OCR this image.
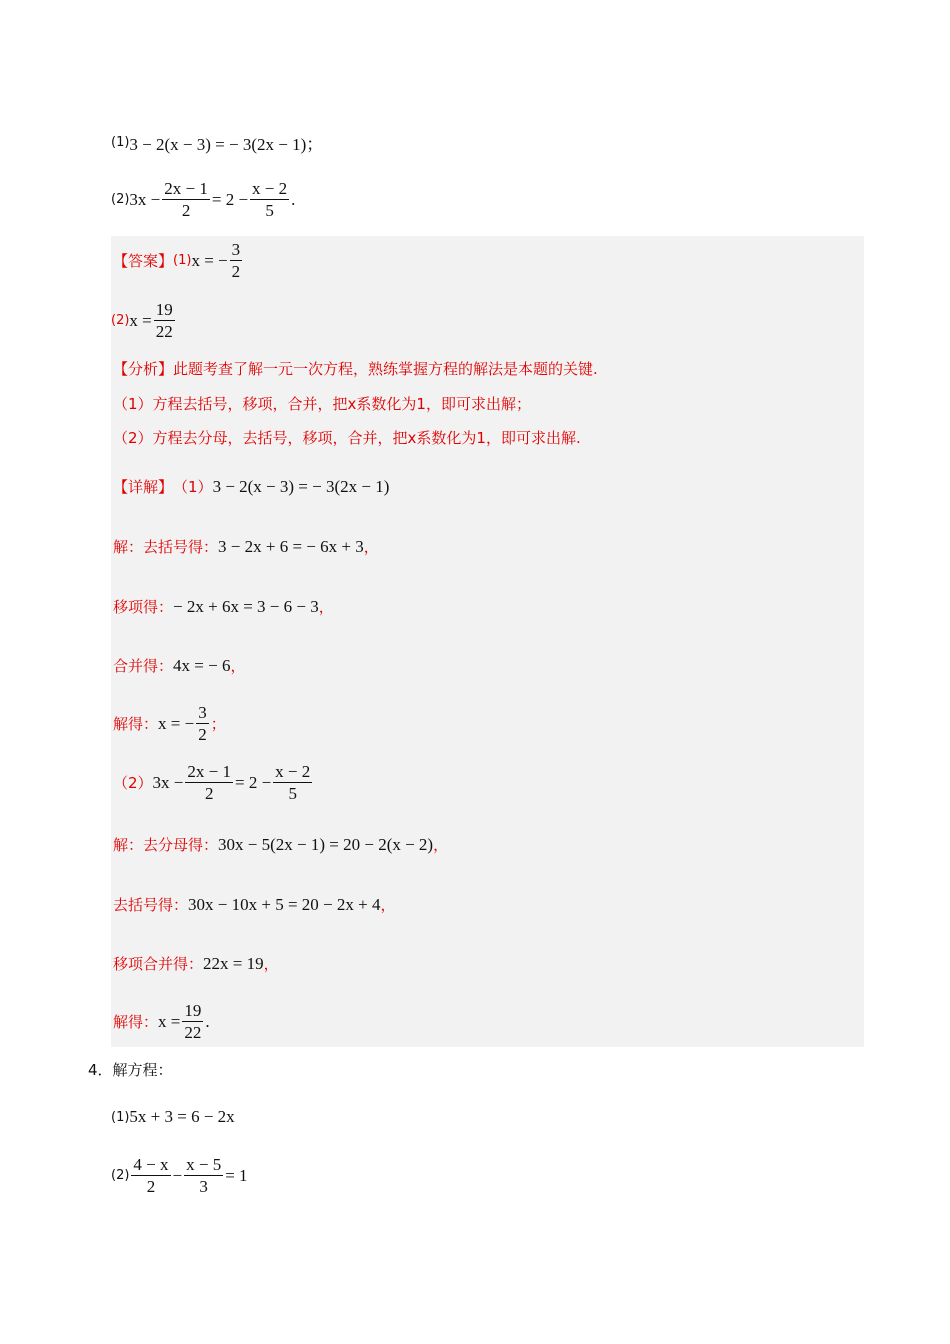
(1) 3 − 2(x − 3) = − 3(2x − 1)；
(2) $3x - \frac{2x - 1}{2} = 2 - \frac{x - 2}{5}$ .
【答案】 (1) x = − $\frac{3}{2}$
(2) $x = \frac{19}{22}$
【分析】 此题考查了解一元一次方程，熟练掌握方程的解法是本题的关键.
（1）方程去括号，移项，合并，把x系数化为1，即可求出解；
（2）方程去分母，去括号，移项，合并，把x系数化为1，即可求出解.
【详解】 （1） 3 − 2(x − 3) = − 3(2x − 1)
解：去括号得： 3 − 2x + 6 = − 6x + 3 ，
移项得： − 2x + 6x = 3 − 6 − 3 ，
合并得： 4x = − 6 ，
解得： x = − $\frac{3}{2}$ ；
（2） $3x - \frac{2x - 1}{2} = 2 - \frac{x - 2}{5}$
解：去分母得： 30x − 5(2x − 1) = 20 − 2(x − 2) ，
去括号得： 30x − 10x + 5 = 20 − 2x + 4 ，
移项合并得： 22x = 19 ，
解得： $x = \frac{19}{22}$ .
4． 解方程：
(1) 5x + 3 = 6 − 2x
$(2) \frac{4 - x}{2} - \frac{x - 5}{3} = 1$
